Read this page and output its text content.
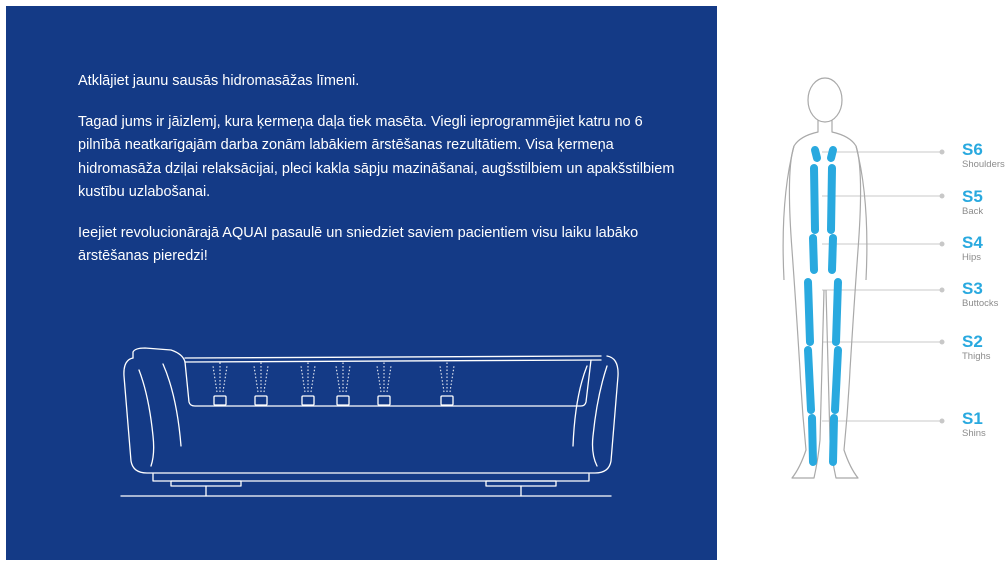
Atklājiet jaunu sausās hidromasāžas līmeni.

Tagad jums ir jāizlemj, kura ķermeņa daļa tiek masēta. Viegli ieprogrammējiet katru no 6 pilnībā neatkarīgajām darba zonām labākiem ārstēšanas rezultātiem. Visa ķermeņa hidromasāža dziļai relaksācijai, pleci kakla sāpju mazināšanai, augšstilbiem un apakšstilbiem kustību uzlabošanai.

Ieejiet revolucionārajā AQUAI pasaulē un sniedziet saviem pacientiem visu laiku labāko ārstēšanas pieredzi!

S6
Shoulders
S5
Back
S4
Hips
S3
Buttocks
S2
Thighs
S1
Shins
